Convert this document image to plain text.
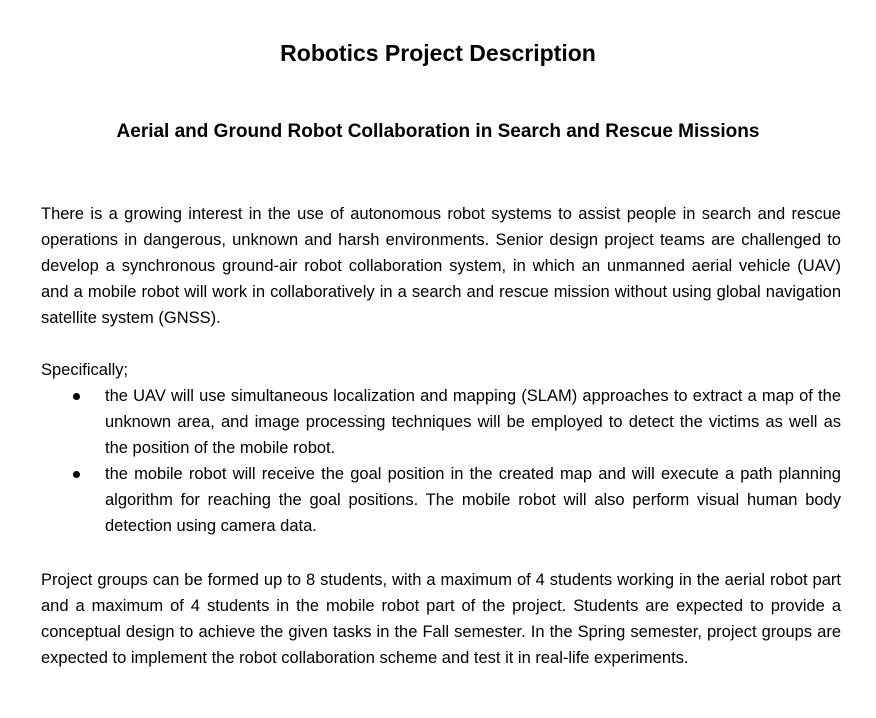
Robotics Project Description
Aerial and Ground Robot Collaboration in Search and Rescue Missions

There is a growing interest in the use of autonomous robot systems to assist people in search and rescue operations in dangerous, unknown and harsh environments. Senior design project teams are challenged to develop a synchronous ground-air robot collaboration system, in which an unmanned aerial vehicle (UAV) and a mobile robot will work in collaboratively in a search and rescue mission without using global navigation satellite system (GNSS).

Specifically;

the UAV will use simultaneous localization and mapping (SLAM) approaches to extract a map of the unknown area, and image processing techniques will be employed to detect the victims as well as the position of the mobile robot.
the mobile robot will receive the goal position in the created map and will execute a path planning algorithm for reaching the goal positions. The mobile robot will also perform visual human body detection using camera data.

Project groups can be formed up to 8 students, with a maximum of 4 students working in the aerial robot part and a maximum of 4 students in the mobile robot part of the project. Students are expected to provide a conceptual design to achieve the given tasks in the Fall semester. In the Spring semester, project groups are expected to implement the robot collaboration scheme and test it in real-life experiments.
